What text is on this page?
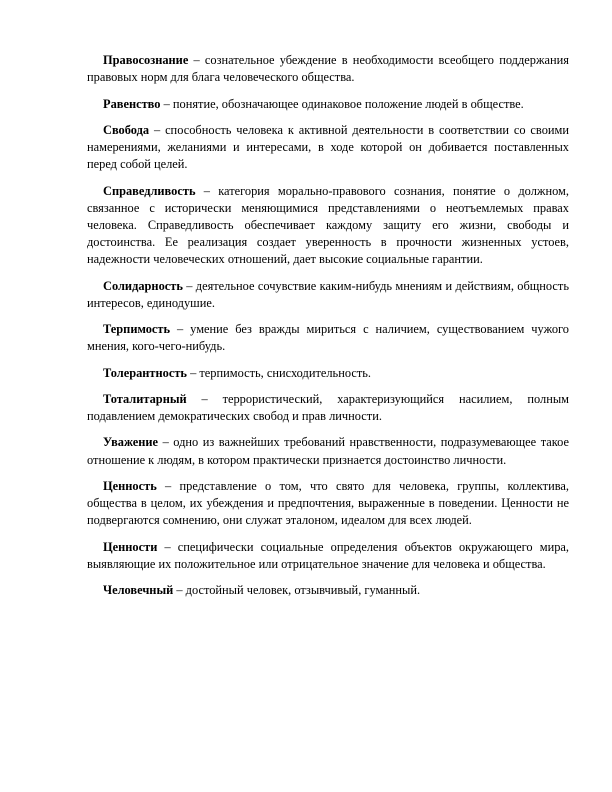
Правосознание – сознательное убеждение в необходимости всеобщего поддержания правовых норм для блага человеческого общества.

Равенство – понятие, обозначающее одинаковое положение людей в обществе.

Свобода – способность человека к активной деятельности в соответствии со своими намерениями, желаниями и интересами, в ходе которой он добивается поставленных перед собой целей.

Справедливость – категория морально-правового сознания, понятие о должном, связанное с исторически меняющимися представлениями о неотъемлемых правах человека. Справедливость обеспечивает каждому защиту его жизни, свободы и достоинства. Ее реализация создает уверенность в прочности жизненных устоев, надежности человеческих отношений, дает высокие социальные гарантии.

Солидарность – деятельное сочувствие каким-нибудь мнениям и действиям, общность интересов, единодушие.

Терпимость – умение без вражды мириться с наличием, существованием чужого мнения, кого-чего-нибудь.

Толерантность – терпимость, снисходительность.

Тоталитарный – террористический, характеризующийся насилием, полным подавлением демократических свобод и прав личности.

Уважение – одно из важнейших требований нравственности, подразумевающее такое отношение к людям, в котором практически признается достоинство личности.

Ценность – представление о том, что свято для человека, группы, коллектива, общества в целом, их убеждения и предпочтения, выраженные в поведении. Ценности не подвергаются сомнению, они служат эталоном, идеалом для всех людей.

Ценности – специфически социальные определения объектов окружающего мира, выявляющие их положительное или отрицательное значение для человека и общества.

Человечный – достойный человек, отзывчивый, гуманный.
